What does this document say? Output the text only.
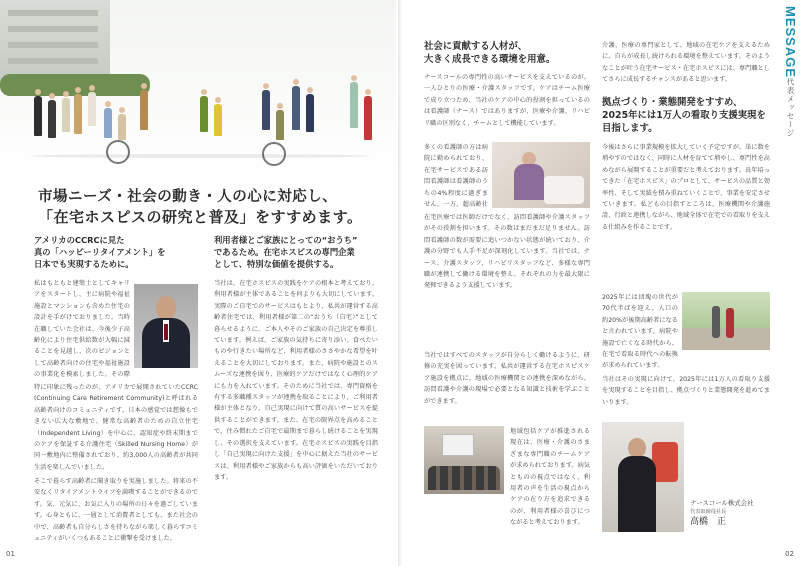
市場ニーズ・社会の動き・人の心に対応し、
「在宅ホスピスの研究と普及」をすすめます。
アメリカのCCRCに見た
真の「ハッピーリタイアメント」を
日本でも実現するために。
私はもともと建築士としてキャリアをスタートし、主に病院や福祉施設とマンションも含めた住宅の設計を手がけておりました。当時在職していた会社は、今後少子高齢化により住宅供給数が大幅に減ることを見越し、次のビジョンとして高齢者向けの住宅や福祉施設の事業化を模索しました。その際
特に印象に残ったのが、アメリカで展開されていたCCRC (Continuing Care Retirement Community)と呼ばれる高齢者向けのコミュニティです。日本の感覚では想像もできない広大な敷地で、健常な高齢者のための自立住宅（Independent Living）を中心に、認知症や終末期までのケアを保証する介護住宅（Skilled Nursing Home）が同一敷地内に整備されており、約3,000人の高齢者が共同生活を楽しんでいました。
そこで暮らす高齢者に聞き取りを実施しました。将来の不安なくリタイアメントライフを満喫することができるのです。気、元気に、お気に入りの場所の日々を過ごしています。心身ともに、一層として消費者としても、また社会の中で、高齢者も自分らしさを持ちながら楽しく暮らすコミュニティがいくつもあることに衝撃を受けました。
利用者様とご家族にとっての“おうち”
であるため。在宅ホスピスの専門企業
として、特別な価値を提供する。
当社は、在宅ホスピスの実践をケアの根本と考えており、利用者様が主体であることを何よりも大切にしています。実際のご自宅でのサービスはもとより、私共が運営する高齢者住宅では、利用者様が第二の“おうち（自宅）”として暮らせるように、ご本人やそのご家族の自己決定を尊重しています。例えば、ご家族の気持ちに寄り添い、食べたいものや行きたい場所など、利用者様のささやかな希望を叶えることを大切にしております。また、病院や施設とのスムーズな連携を図り、医療的ケアだけではなく心理的ケアにも力を入れています。そのために当社では、専門資格を有する多職種スタッフが連携を取ることにより、ご利用者様が主体となり、自己実現に向けて質の高いサービスを提供することができます。また、在宅の限界点を高めることで、住み慣れたご自宅で最期まで暮らし続けることを実現し、その選択を支えています。在宅ホスピスの実践を目指し「自己実現に向けた支援」を中心に据えた当社のサービスは、利用者様やご家族からも高い評価をいただいております。
01
社会に貢献する人材が、
大きく成長できる環境を用意。
ナースコールの専門性の高いサービスを支えているのが、一人ひとりの医療・介護スタッフです。ケアはチーム医療で成り立つため、当社のケアの中心的役割を担っているのは看護師（ナース）ではありますが、医療や介護、リハビリ職の区別なく、チームとして機能しています。
多くの看護師の方は病院に勤められており、在宅サービスである訪問看護師は看護師のうちの4%程度に過ぎません。一方、超高齢社
在宅医療では医師だけでなく、訪問看護師や介護スタッフがその役割を担います。その数はまだまだ足りません。訪問看護師の数が需要に追いつかない状態が続いており、介護の分野でも人手不足が深刻化しています。当社では、ナース、介護スタッフ、リハビリスタッフなど、多様な専門職が連携して働ける環境を整え、それぞれの力を最大限に発揮できるよう支援しています。
当社ではすべてのスタッフが自分らしく働けるように、研修の充実を図っています。私共が運営する在宅ホスピスケア施設を拠点に、地域の医療機関との連携を深めながら、訪問看護や介護の現場で必要となる知識と技術を学ぶことができます。
地域包括ケアが推進される現在は、医療・介護のさまざまな専門職のチームケアが求められております。病気とものの視点ではなく、利用者の声を生活の視点からケアの在り方を追求できるのが、利用者様の喜びにつながると考えております。
介護、医療の専門家として、地域の在宅ケアを支えるために、自らが成長し続けられる環境を整えています。そのようなことが叶う在宅サービス・在宅ホスピスには、専門職としてさらに成長するチャンスがあると思います。
拠点づくり・業態開発をすすめ、
2025年には1万人の看取り支援実現を
目指します。
今後はさらに事業規模を拡大していく予定ですが、単に数を増やすのではなく、同時に人材を育てて増やし、専門性を高めながら展開することが重要だと考えております。長年培ってきた「在宅ホスピス」のプロとして、サービスの品質と効率性、そして実績を積み重ねていくことで、事業を安定させていきます。私どもの目指すところは、医療機関や介護施設、行政と連携しながら、地域全体で在宅での看取りを支える仕組みを作ることです。
2025年には団塊の世代が70代半ばを迎え、人口の約20%が後期高齢者になると言われています。病院や施設で亡くなる時代から、在宅で看取る時代への転換が求められています。
当社はその実現に向けて、2025年には1万人の看取り支援を実現することを目指し、拠点づくりと業態開発を進めてまいります。
ナースコール株式会社
代表取締役社長
高橋　正
MESSAGE
代表メッセージ
02
